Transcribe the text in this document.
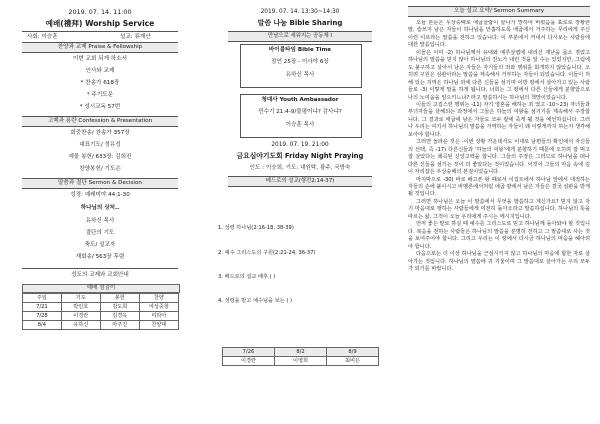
2019. 07. 14. 11:00
예배(禮拜) Worship Service
사회: 이승훈	설교: 류재산
찬양과 교제 Praise & Fellowship
이번 교회 되게 하소서
인사와 교제
* 찬송가 618장
* 주기도문
* 성시교독 57번
고백과 용란 Confession & Presentation
회중찬송/ 찬송가 357장
대표기도/ 정유성
예물 봉헌/ 633장: 김희진
찬양봉헌/ 기도손
말씀과 결단 Sermon & Decision
성경: 예레미야 44:1-30
하나님의 상처..
유하신 목사
결단의 기도
축도/ 설교자
재회송/ 563장 후렴
성도의 교제와 교회안내
예배 섬김이
주일	기도	봉헌	찬양
7/21	박인호	김도희	여성중창
7/28	이경란	김경옥	미라아
8/4	유하신	마주진	찬양대
2019. 07. 14. 13:30~14:30
말씀 나눔 Bible Sharing
만남으로 세워지는 공동체 I
바이블타임 Bible Time
잠언 25장 - 이사야 6장
유하신 목사
청대사 Youth Ambassador
민수기 21:4-9/불평이냐? 감사냐?
이승훈 목사
2019. 07. 19. 21:00
금요심야기도회 Friday Night Praying
인도 : 이승희, 기도: 대원탁, 광주, 국방숙
베드로의 설교(행전2:14-37)
1. 성령 하나님(2:16-18, 38-39)
2. 예수 그리스도의 구원(2:21-24, 36-37)
3. 베드로의 설교 배후 ( )
4. 성령을 받고 예수님을 보는 ( )
7/26	8/2	8/9
이경란	이영희	최비은
오늘 설교 요약/ Sermon Summary

오늘 본문은 우상숭배로 애굽살람이 끝나가 망하여 버렸음을 표로로 장황한 말, 슬쓰지 남은 자들이 하나님을 만홉하도록 애굽에서 거주하는 무리에게 주신 이런 이르라는 말씀을 전하고 있습니다. 이 부분에서 꺼내서 다시보는 사람들에 대한 말씀입니다.

이들은 이미 -2) 하나님께서 유대와 예루살렘에 내리신 재난을 몸소 겪었고 하나님의 말씀을 믿지 않아 하나님의 진노가 내린 것을 알 수는 있었지만, 그럼에도 불구하고 살아서 남은 자들은 자기들의 죄와 행위를 회개하지 않았습니다. 오히려 구원은 심판이라는 말씀을 계속해서 거부하는 자들이 되었습니다. 이들이 처해 있는 지역은 하나님 외에 다른 신들을 섬기며 이방 땅에서 살아가고 있는 사람들로 -3) 이렇게 말을 하게 됩니다. 너희는 그 땅에서 다른 신들에게 분향함으로 나의 노여움을 일으키느냐? 라고 말씀하시는 하나님의 책망이었습니다.

이들의 고집스런 행위는 -11) 자기 영혼을 해하는 죄 였고 -10~23) 자녀들과 부녀자들을 살해되는 과정에서 그들은 하늘의 여왕을 섬기기를 계속해서 주장합니다. 그 결과로 애굽에 남은 자들도 모두 칼에 죽게 될 것을 예언하십니다. 그러나 우리는 여기서 하나님의 말씀을 거역하는 자들이 왜 이렇게까지 하는지 생각해보아야 합니다.

그러면 놀라운 것은 -이번 상황 가운데서도 이대로 남편들의 확인에서 자신들의 선택, 즉 -17) 다른신들과 '하늘의 여왕'에게 분향하기 때문에 오히려 잘 먹고 잘 살았다는 왜곡된 신앙고백을 합니다. 그들의 주장은 그러므로 하나님을 떠나 다른 신들을 섬기는 것이 더 좋았다는 것이었습니다. 이것이 그들의 마음 속에 깊이 자리잡은 우상숭배의 본질이었습니다.

마지막으로 -30) 바로 배고픈 왕 때로서 이집트에서 하나님 앞에서 대적하는 자들의 손에 붙이시고 바벨론에서처럼 애굽 땅에서 남은 자들은 결국 심판을 받게 될 것입니다.

그러면 하나님은 오늘 이 말씀에서 무엇을 말씀하고 계신가요? 믿지 않고 자기 마음대로 행하는 사람들에게 여전히 돌아오라고 말씀하십니다. 하나님의 뜻을 따르는 삶, 그것이 오늘 우리에게 주시는 메시지입니다.

먼저 좋은 말로 하실 때 예수를 그리스도로 믿고 하나님께 돌아와야 할 것입니다. 복음을 전하는 사람들은 하나님의 말씀을 분명히 전하고 그 말씀대로 사는 것을 보여주어야 합니다. 그리고 우리는 이 땅에서 다시금 하나님의 마음을 헤아려야 합니다.

다음으로는 더 이상 하나님을 근심시키지 않고 하나님의 마음에 합한 자로 살아가는 것입니다. 하나님의 말씀에 귀 기울이며 그 말씀대로 살아가는 우리 모두가 되기를 바랍니다.
